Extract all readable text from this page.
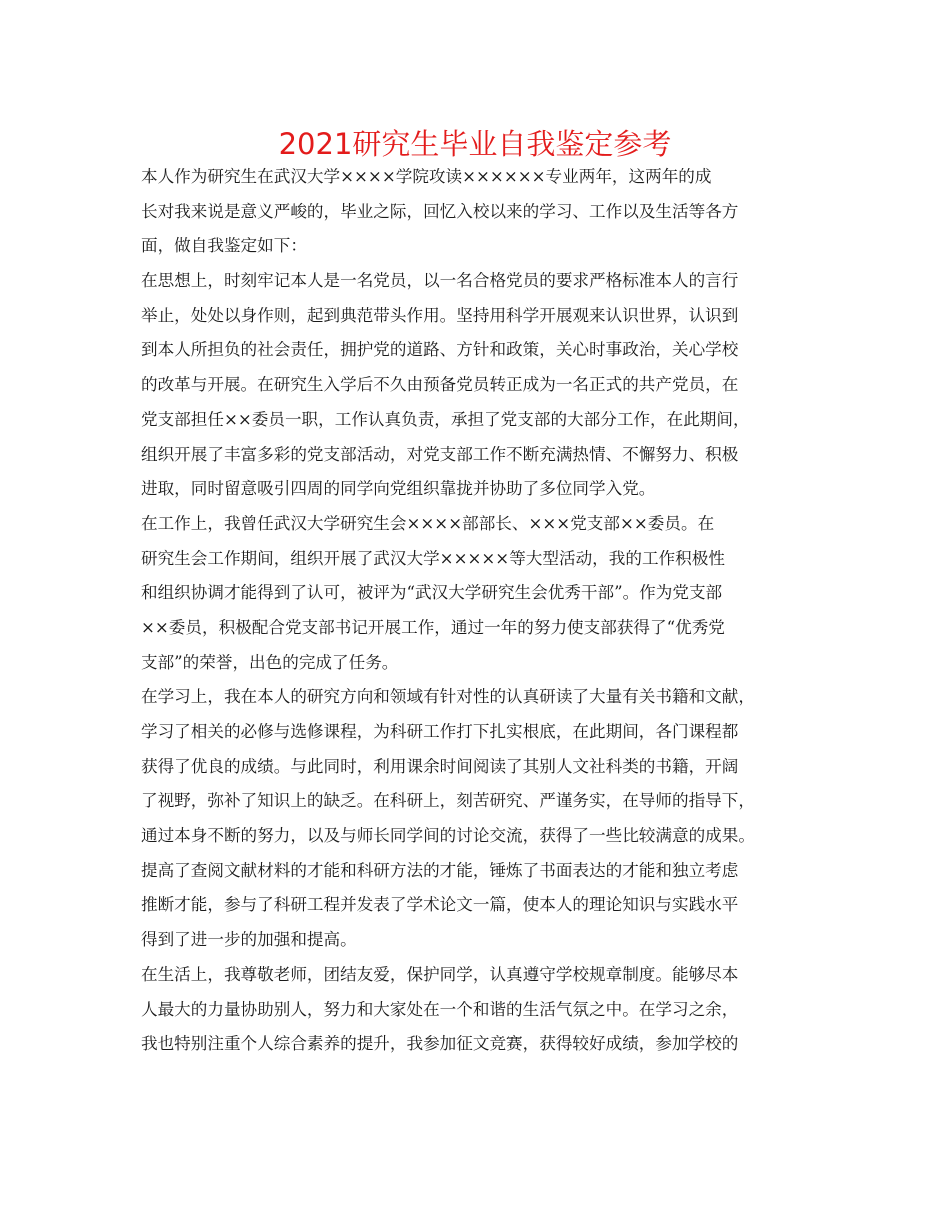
2021研究生毕业自我鉴定参考
本人作为研究生在武汉大学××××学院攻读××××××专业两年，这两年的成
长对我来说是意义严峻的，毕业之际，回忆入校以来的学习、工作以及生活等各方
面，做自我鉴定如下：
在思想上，时刻牢记本人是一名党员，以一名合格党员的要求严格标准本人的言行
举止，处处以身作则，起到典范带头作用。坚持用科学开展观来认识世界，认识到
到本人所担负的社会责任，拥护党的道路、方针和政策，关心时事政治，关心学校
的改革与开展。在研究生入学后不久由预备党员转正成为一名正式的共产党员，在
党支部担任××委员一职，工作认真负责，承担了党支部的大部分工作，在此期间，
组织开展了丰富多彩的党支部活动，对党支部工作不断充满热情、不懈努力、积极
进取，同时留意吸引四周的同学向党组织靠拢并协助了多位同学入党。
在工作上，我曾任武汉大学研究生会××××部部长、×××党支部××委员。在
研究生会工作期间，组织开展了武汉大学×××××等大型活动，我的工作积极性
和组织协调才能得到了认可，被评为“武汉大学研究生会优秀干部”。作为党支部
××委员，积极配合党支部书记开展工作，通过一年的努力使支部获得了“优秀党
支部”的荣誉，出色的完成了任务。
在学习上，我在本人的研究方向和领域有针对性的认真研读了大量有关书籍和文献，
学习了相关的必修与选修课程，为科研工作打下扎实根底，在此期间，各门课程都
获得了优良的成绩。与此同时，利用课余时间阅读了其别人文社科类的书籍，开阔
了视野，弥补了知识上的缺乏。在科研上，刻苦研究、严谨务实，在导师的指导下，
通过本身不断的努力，以及与师长同学间的讨论交流，获得了一些比较满意的成果。
提高了查阅文献材料的才能和科研方法的才能，锤炼了书面表达的才能和独立考虑
推断才能，参与了科研工程并发表了学术论文一篇，使本人的理论知识与实践水平
得到了进一步的加强和提高。
在生活上，我尊敬老师，团结友爱，保护同学，认真遵守学校规章制度。能够尽本
人最大的力量协助别人，努力和大家处在一个和谐的生活气氛之中。在学习之余，
我也特别注重个人综合素养的提升，我参加征文竞赛，获得较好成绩，参加学校的
